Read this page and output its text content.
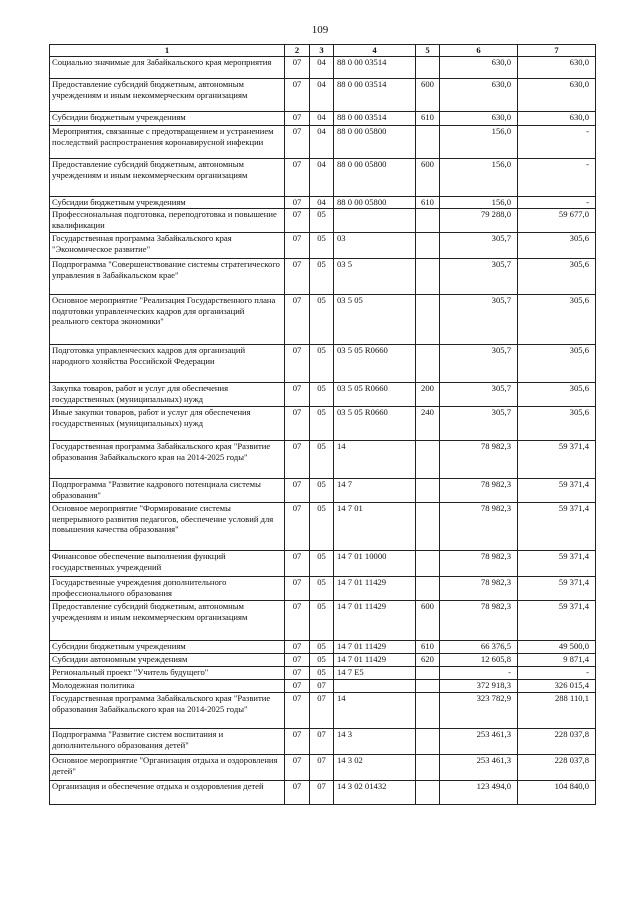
109
1	2	3	4	5	6	7
Социально значимые для Забайкальского края мероприятия	07	04	88 0 00 03514		630,0	630,0
Предоставление субсидий бюджетным, автономным учреждениям и иным некоммерческим организациям	07	04	88 0 00 03514	600	630,0	630,0
Субсидии бюджетным учреждениям	07	04	88 0 00 03514	610	630,0	630,0
Мероприятия, связанные с предотвращением и устранением последствий распространения коронавирусной инфекции	07	04	88 0 00 05800		156,0	-
Предоставление субсидий бюджетным, автономным учреждениям и иным некоммерческим организациям	07	04	88 0 00 05800	600	156,0	-
Субсидии бюджетным учреждениям	07	04	88 0 00 05800	610	156,0	-
Профессиональная подготовка, переподготовка и повышение квалификации	07	05			79 288,0	59 677,0
Государственная программа Забайкальского края "Экономическое развитие"	07	05	03		305,7	305,6
Подпрограмма "Совершенствование системы стратегического управления в Забайкальском крае"	07	05	03 5		305,7	305,6
Основное мероприятие "Реализация Государственного плана подготовки управленческих кадров для организаций реального сектора экономики"	07	05	03 5 05		305,7	305,6
Подготовка управленческих кадров для организаций народного хозяйства Российской Федерации	07	05	03 5 05 R0660		305,7	305,6
Закупка товаров, работ и услуг для обеспечения государственных (муниципальных) нужд	07	05	03 5 05 R0660	200	305,7	305,6
Иные закупки товаров, работ и услуг для обеспечения государственных (муниципальных) нужд	07	05	03 5 05 R0660	240	305,7	305,6
Государственная программа Забайкальского края "Развитие образования Забайкальского края на 2014-2025 годы"	07	05	14		78 982,3	59 371,4
Подпрограмма "Развитие кадрового потенциала системы образования"	07	05	14 7		78 982,3	59 371,4
Основное мероприятие "Формирование системы непрерывного развития педагогов, обеспечение условий для повышения качества образования"	07	05	14 7 01		78 982,3	59 371,4
Финансовое обеспечение выполнения функций государственных учреждений	07	05	14 7 01 10000		78 982,3	59 371,4
Государственные учреждения дополнительного профессионального образования	07	05	14 7 01 11429		78 982,3	59 371,4
Предоставление субсидий бюджетным, автономным учреждениям и иным некоммерческим организациям	07	05	14 7 01 11429	600	78 982,3	59 371,4
Субсидии бюджетным учреждениям	07	05	14 7 01 11429	610	66 376,5	49 500,0
Субсидии автономным учреждениям	07	05	14 7 01 11429	620	12 605,8	9 871,4
Региональный проект "Учитель будущего"	07	05	14 7 E5		-	-
Молодежная политика	07	07			372 918,3	326 015,4
Государственная программа Забайкальского края "Развитие образования Забайкальского края на 2014-2025 годы"	07	07	14		323 782,9	288 110,1
Подпрограмма "Развитие систем воспитания и дополнительного образования детей"	07	07	14 3		253 461,3	228 037,8
Основное мероприятие "Организация отдыха и оздоровления детей"	07	07	14 3 02		253 461,3	228 037,8
Организация и обеспечение отдыха и оздоровления детей	07	07	14 3 02 01432		123 494,0	104 840,0
